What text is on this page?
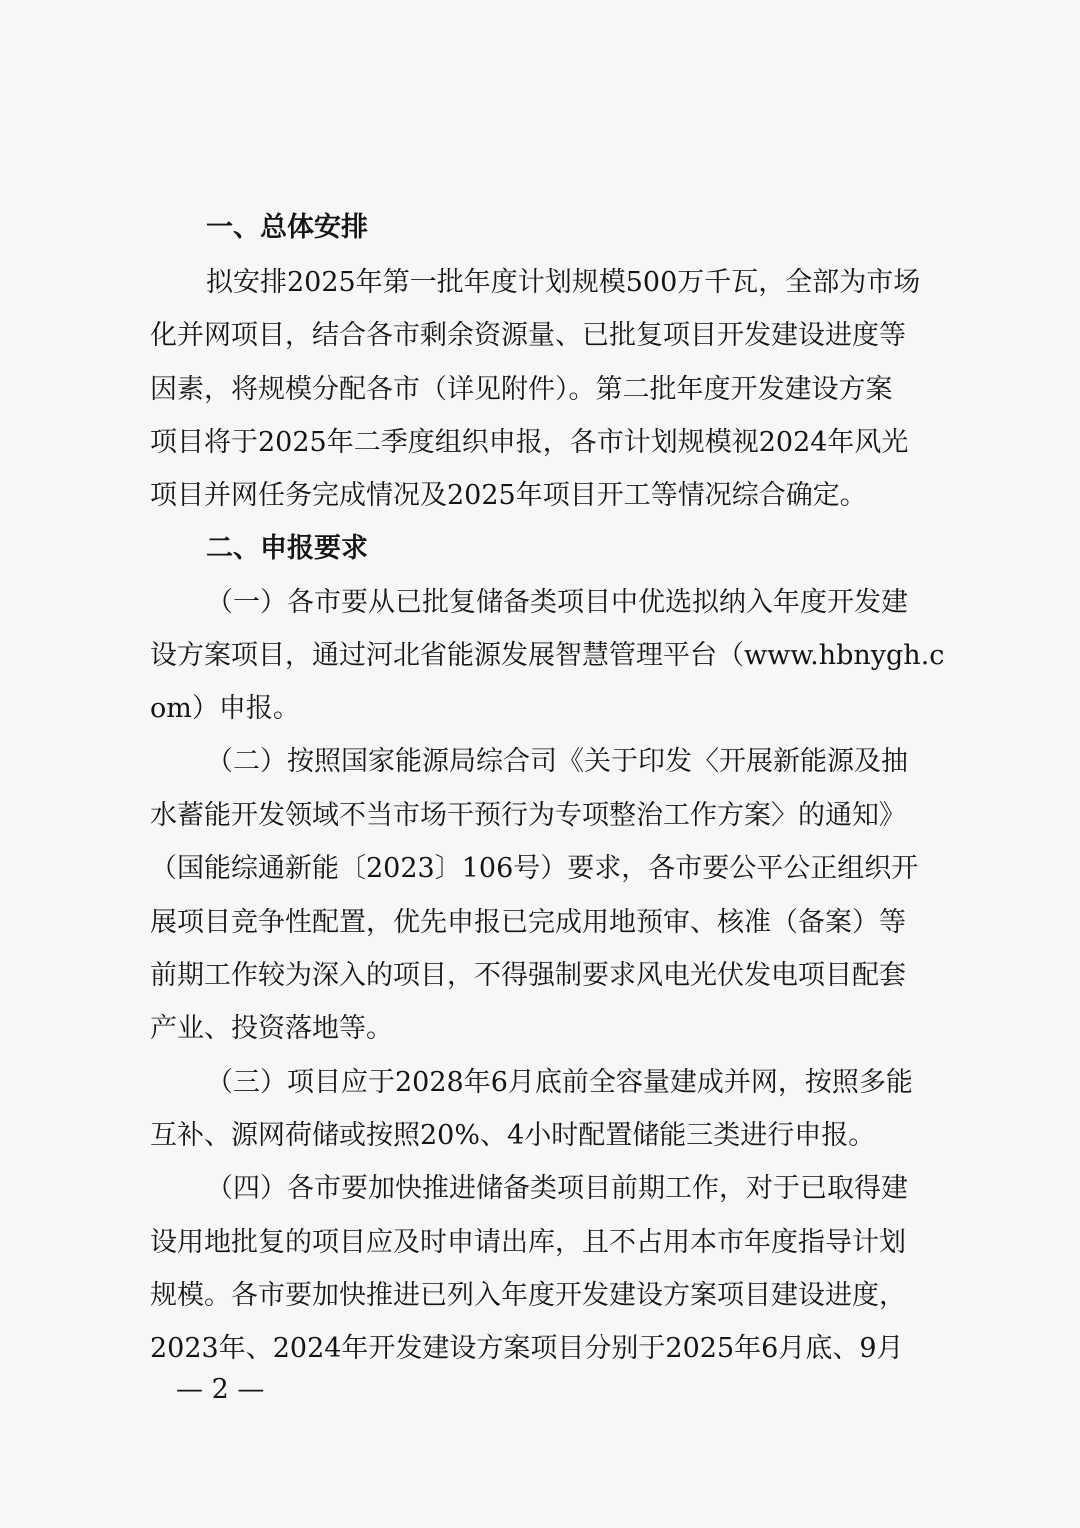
一、总体安排
拟安排2025年第一批年度计划规模500万千瓦，全部为市场
化并网项目，结合各市剩余资源量、已批复项目开发建设进度等
因素，将规模分配各市（详见附件）。第二批年度开发建设方案
项目将于2025年二季度组织申报，各市计划规模视2024年风光
项目并网任务完成情况及2025年项目开工等情况综合确定。
二、申报要求
（一）各市要从已批复储备类项目中优选拟纳入年度开发建
设方案项目，通过河北省能源发展智慧管理平台（www.hbnygh.c
om）申报。
（二）按照国家能源局综合司《关于印发〈开展新能源及抽
水蓄能开发领域不当市场干预行为专项整治工作方案〉的通知》
（国能综通新能〔2023〕106号）要求，各市要公平公正组织开
展项目竞争性配置，优先申报已完成用地预审、核准（备案）等
前期工作较为深入的项目，不得强制要求风电光伏发电项目配套
产业、投资落地等。
（三）项目应于2028年6月底前全容量建成并网，按照多能
互补、源网荷储或按照20%、4小时配置储能三类进行申报。
（四）各市要加快推进储备类项目前期工作，对于已取得建
设用地批复的项目应及时申请出库，且不占用本市年度指导计划
规模。各市要加快推进已列入年度开发建设方案项目建设进度，
2023年、2024年开发建设方案项目分别于2025年6月底、9月
— 2 —
